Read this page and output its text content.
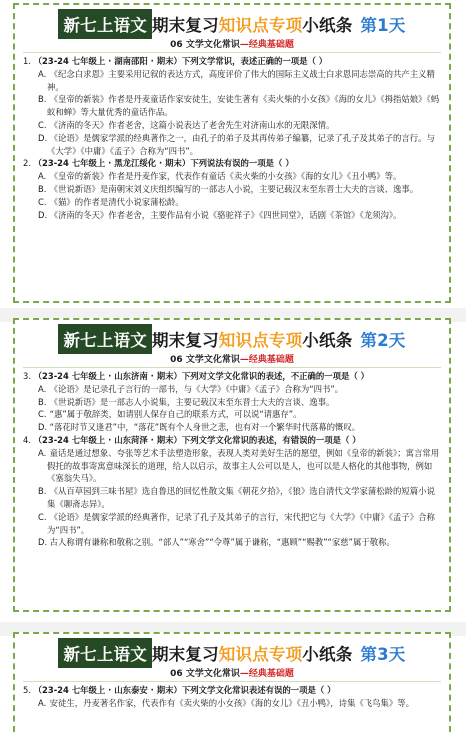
新七上语文 期末复习 知识点专项 小纸条 第1天
06 文学文化常识—经典基础题
1. （23-24 七年级上 · 湖南邵阳 · 期末）下列文学常识，表述正确的一项是（ ）
A. 《纪念白求恩》主要采用记叙的表达方式，高度评价了伟大的国际主义战士白求恩同志崇高的共产主义精神。
B. 《皇帝的新装》作者是丹麦童话作家安徒生，安徒生著有《卖火柴的小女孩》《海的女儿》《拇指姑娘》《蚂蚁和蝉》等大量优秀的童话作品。
C. 《济南的冬天》作者老舍，这篇小说表达了老舍先生对济南山水的无限深情。
D. 《论语》是儒家学派的经典著作之一，由孔子的弟子及其再传弟子编纂，记录了孔子及其弟子的言行。与《大学》《中庸》《孟子》合称为“四书”。
2. （23-24 七年级上 · 黑龙江绥化 · 期末）下列说法有误的一项是（ ）
A. 《皇帝的新装》作者是丹麦作家，代表作有童话《卖火柴的小女孩》《海的女儿》《丑小鸭》等。
B. 《世说新语》是南朝宋刘义庆组织编写的一部志人小说，主要记载汉末至东晋士大夫的言谈、逸事。
C. 《猫》的作者是清代小说家蒲松龄。
D. 《济南的冬天》作者老舍，主要作品有小说《骆驼祥子》《四世同堂》，话剧《茶馆》《龙须沟》。
新七上语文 期末复习 知识点专项 小纸条 第2天
06 文学文化常识—经典基础题
3. （23-24 七年级上 · 山东济南 · 期末）下列对文学文化常识的表述，不正确的一项是（ ）
A. 《论语》是记录孔子言行的一部书，与《大学》《中庸》《孟子》合称为“四书”。
B. 《世说新语》是一部志人小说集，主要记载汉末至东晋士大夫的言谈、逸事。
C. “惠”属于敬辞类，如请别人保存自己的联系方式，可以说“请惠存”。
D. “落花时节又逢君”中，“落花”既有个人身世之悲，也有对一个繁华时代落幕的慨叹。
4. （23-24 七年级上 · 山东菏泽 · 期末）下列文学文化常识的表述，有错误的一项是（ ）
A. 童话是通过想象、夸张等艺术手法塑造形象，表现人类对美好生活的愿望，例如《皇帝的新装》；寓言常用假托的故事寄寓意味深长的道理，给人以启示，故事主人公可以是人，也可以是人格化的其他事物，例如《塞翁失马》。
B. 《从百草园到三味书屋》选自鲁迅的回忆性散文集《朝花夕拾》，《狼》选自清代文学家蒲松龄的短篇小说集《聊斋志异》。
C. 《论语》是儒家学派的经典著作，记录了孔子及其弟子的言行，宋代把它与《大学》《中庸》《孟子》合称为“四书”。
D. 古人称谓有谦称和敬称之别。“部人”“寒舍”“令尊”属于谦称，“惠顾”“赐教”“家慈”属于敬称。
新七上语文 期末复习 知识点专项 小纸条 第3天
06 文学文化常识—经典基础题
5. （23-24 七年级上 · 山东泰安 · 期末）下列文学文化常识表述有误的一项是（ ）
A. 安徒生，丹麦著名作家，代表作有《卖火柴的小女孩》《海的女儿》《丑小鸭》，诗集《飞鸟集》等。
